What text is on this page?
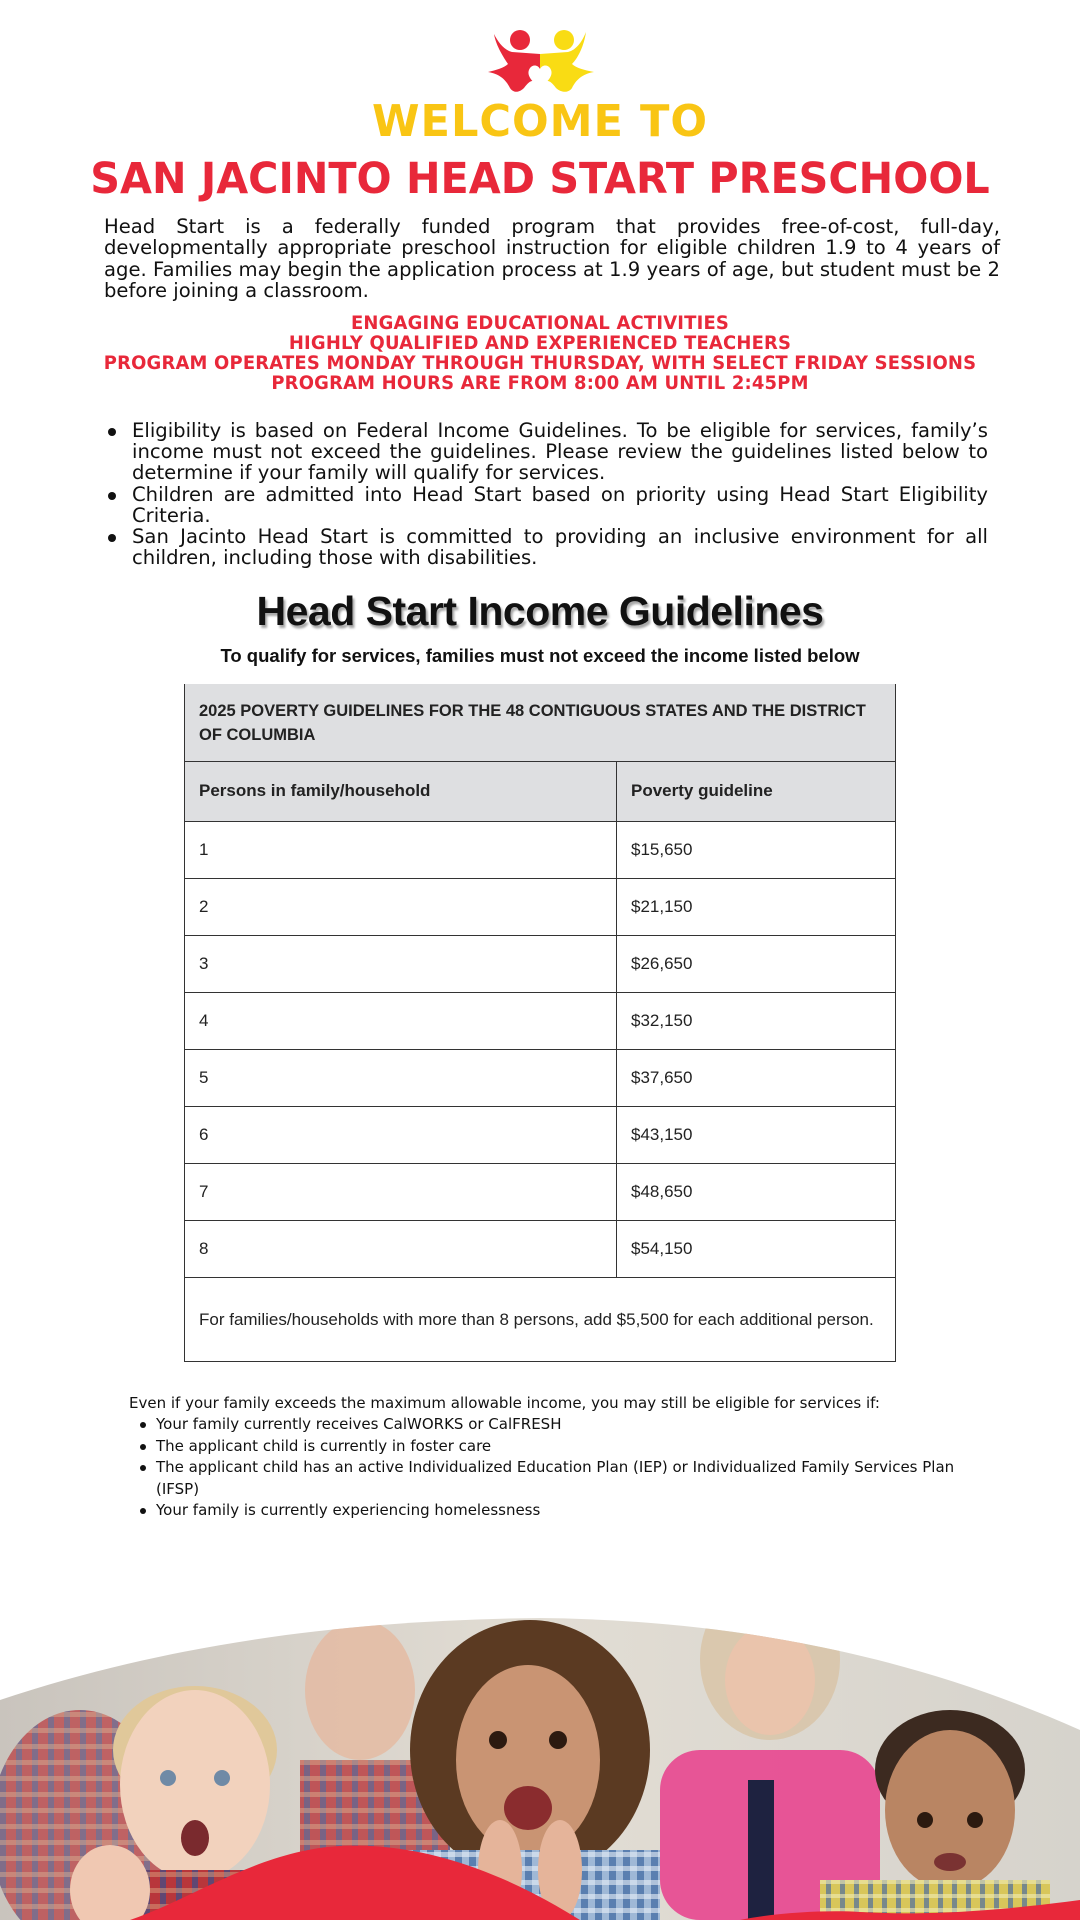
WELCOME TO
SAN JACINTO HEAD START PRESCHOOL

Head Start is a federally funded program that provides free-of-cost, full-day, developmentally appropriate preschool instruction for eligible children 1.9 to 4 years of age. Families may begin the application process at 1.9 years of age, but student must be 2 before joining a classroom.

ENGAGING EDUCATIONAL ACTIVITIES
HIGHLY QUALIFIED AND EXPERIENCED TEACHERS
PROGRAM OPERATES MONDAY THROUGH THURSDAY, WITH SELECT FRIDAY SESSIONS
PROGRAM HOURS ARE FROM 8:00 AM UNTIL 2:45PM
Eligibility is based on Federal Income Guidelines. To be eligible for services, family’s income must not exceed the guidelines. Please review the guidelines listed below to determine if your family will qualify for services.
Children are admitted into Head Start based on priority using Head Start Eligibility Criteria.
San Jacinto Head Start is committed to providing an inclusive environment for all children, including those with disabilities.
Head Start Income Guidelines
To qualify for services, families must not exceed the income listed below
2025 POVERTY GUIDELINES FOR THE 48 CONTIGUOUS STATES AND THE DISTRICT OF COLUMBIA	
Persons in family/household	Poverty guideline
1	$15,650
2	$21,150
3	$26,650
4	$32,150
5	$37,650
6	$43,150
7	$48,650
8	$54,150
For families/households with more than 8 persons, add $5,500 for each additional person.	
Even if your family exceeds the maximum allowable income, you may still be eligible for services if:
Your family currently receives CalWORKS or CalFRESH
The applicant child is currently in foster care
The applicant child has an active Individualized Education Plan (IEP) or Individualized Family Services Plan (IFSP)
Your family is currently experiencing homelessness
